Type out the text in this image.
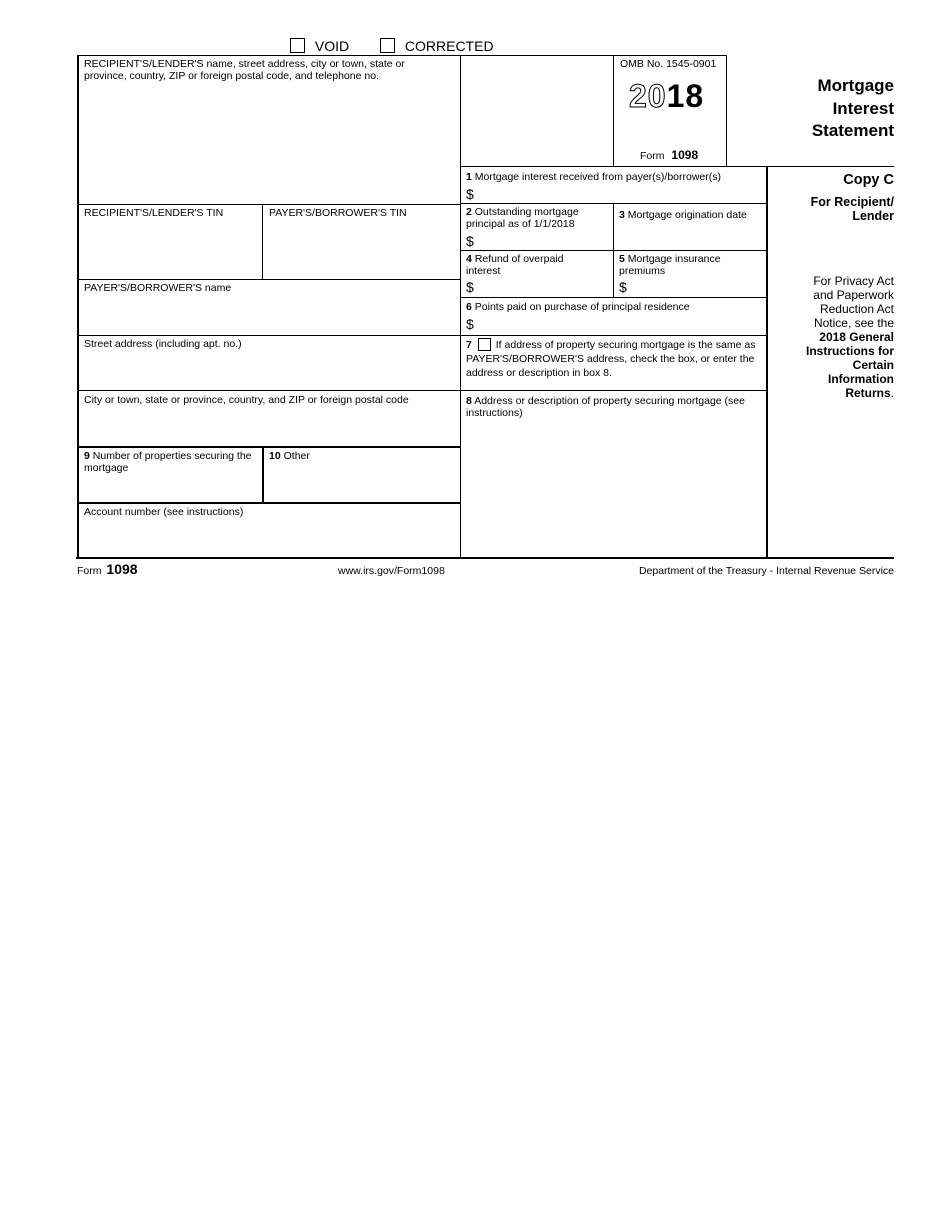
VOID	CORRECTED
OMB No. 1545-0901
2018
Form 1098
Mortgage
Interest
Statement
RECIPIENT'S/LENDER'S name, street address, city or town, state or province, country, ZIP or foreign postal code, and telephone no.
RECIPIENT'S/LENDER'S TIN	PAYER'S/BORROWER'S TIN
PAYER'S/BORROWER'S name
Street address (including apt. no.)
City or town, state or province, country, and ZIP or foreign postal code
9 Number of properties securing the mortgage
10 Other
Account number (see instructions)
1 Mortgage interest received from payer(s)/borrower(s)
$
2 Outstanding mortgage principal as of 1/1/2018
$
3 Mortgage origination date
4 Refund of overpaid interest
$
5 Mortgage insurance premiums
$
6 Points paid on purchase of principal residence
$
7 If address of property securing mortgage is the same as PAYER'S/BORROWER'S address, check the box, or enter the address or description in box 8.
8 Address or description of property securing mortgage (see instructions)
Copy C
For Recipient/
Lender
For Privacy Act
and Paperwork
Reduction Act
Notice, see the
2018 General
Instructions for
Certain
Information
Returns.
Form 1098	www.irs.gov/Form1098	Department of the Treasury - Internal Revenue Service
